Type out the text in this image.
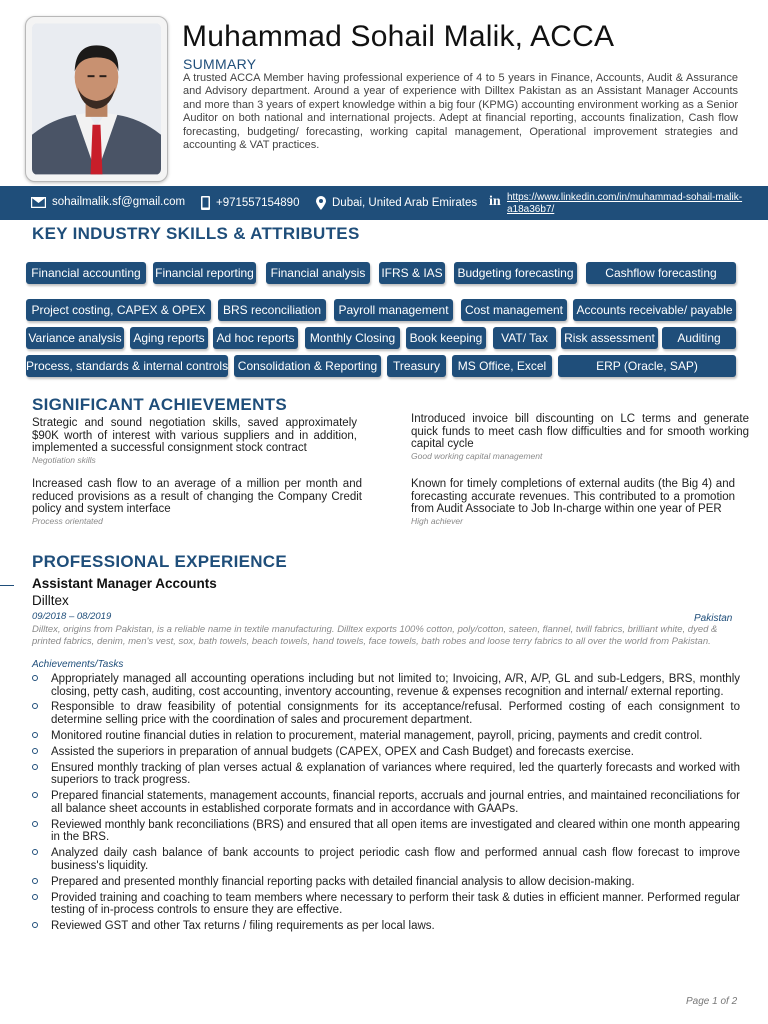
Muhammad Sohail Malik, ACCA
SUMMARY
A trusted ACCA Member having professional experience of 4 to 5 years in Finance, Accounts, Audit & Assurance and Advisory department. Around a year of experience with Dilltex Pakistan as an Assistant Manager Accounts and more than 3 years of expert knowledge within a big four (KPMG) accounting environment working as a Senior Auditor on both national and international projects. Adept at financial reporting, accounts finalization, Cash flow forecasting, budgeting/ forecasting, working capital management, Operational improvement strategies and accounting & VAT practices.
sohailmalik.sf@gmail.com	+971557154890	Dubai, United Arab Emirates in https://www.linkedin.com/in/muhammad-sohail-malik-a18a36b7/
KEY INDUSTRY SKILLS & ATTRIBUTES
Financial accounting	Financial reporting	Financial analysis	IFRS & IAS Budgeting forecasting	Cashflow forecasting
Project costing, CAPEX & OPEX	BRS reconciliation	Payroll management	Cost management	Accounts receivable/ payable
Variance analysis Aging reports Ad hoc reports	Monthly Closing	Book keeping	VAT/ Tax	Risk assessment	Auditing
Process, standards & internal controls Consolidation & Reporting	Treasury	MS Office, Excel	ERP (Oracle, SAP)
SIGNIFICANT ACHIEVEMENTS
Strategic and sound negotiation skills, saved approximately $90K worth of interest with various suppliers and in addition, implemented a successful consignment stock contract
Negotiation skills
Introduced invoice bill discounting on LC terms and generate quick funds to meet cash flow difficulties and for smooth working capital cycle
Good working capital management
Increased cash flow to an average of a million per month and reduced provisions as a result of changing the Company Credit policy and system interface
Process orientated
Known for timely completions of external audits (the Big 4) and forecasting accurate revenues. This contributed to a promotion from Audit Associate to Job In-charge within one year of PER
High achiever
PROFESSIONAL EXPERIENCE
Assistant Manager Accounts
Dilltex
09/2018 – 08/2019	Pakistan
Dilltex, origins from Pakistan, is a reliable name in textile manufacturing. Dilltex exports 100% cotton, poly/cotton, sateen, flannel, twill fabrics, brilliant white, dyed & printed fabrics, denim, men's vest, sox, bath towels, beach towels, hand towels, face towels, bath robes and loose terry fabrics to all over the world from Pakistan.
Achievements/Tasks
Appropriately managed all accounting operations including but not limited to; Invoicing, A/R, A/P, GL and sub-Ledgers, BRS, monthly closing, petty cash, auditing, cost accounting, inventory accounting, revenue & expenses recognition and internal/ external reporting.
Responsible to draw feasibility of potential consignments for its acceptance/refusal. Performed costing of each consignment to determine selling price with the coordination of sales and procurement department.
Monitored routine financial duties in relation to procurement, material management, payroll, pricing, payments and credit control.
Assisted the superiors in preparation of annual budgets (CAPEX, OPEX and Cash Budget) and forecasts exercise.
Ensured monthly tracking of plan verses actual & explanation of variances where required, led the quarterly forecasts and worked with superiors to track progress.
Prepared financial statements, management accounts, financial reports, accruals and journal entries, and maintained reconciliations for all balance sheet accounts in established corporate formats and in accordance with GAAPs.
Reviewed monthly bank reconciliations (BRS) and ensured that all open items are investigated and cleared within one month appearing in the BRS.
Analyzed daily cash balance of bank accounts to project periodic cash flow and performed annual cash flow forecast to improve business's liquidity.
Prepared and presented monthly financial reporting packs with detailed financial analysis to allow decision-making.
Provided training and coaching to team members where necessary to perform their task & duties in efficient manner. Performed regular testing of in-process controls to ensure they are effective.
Reviewed GST and other Tax returns / filing requirements as per local laws.
Page 1 of 2
